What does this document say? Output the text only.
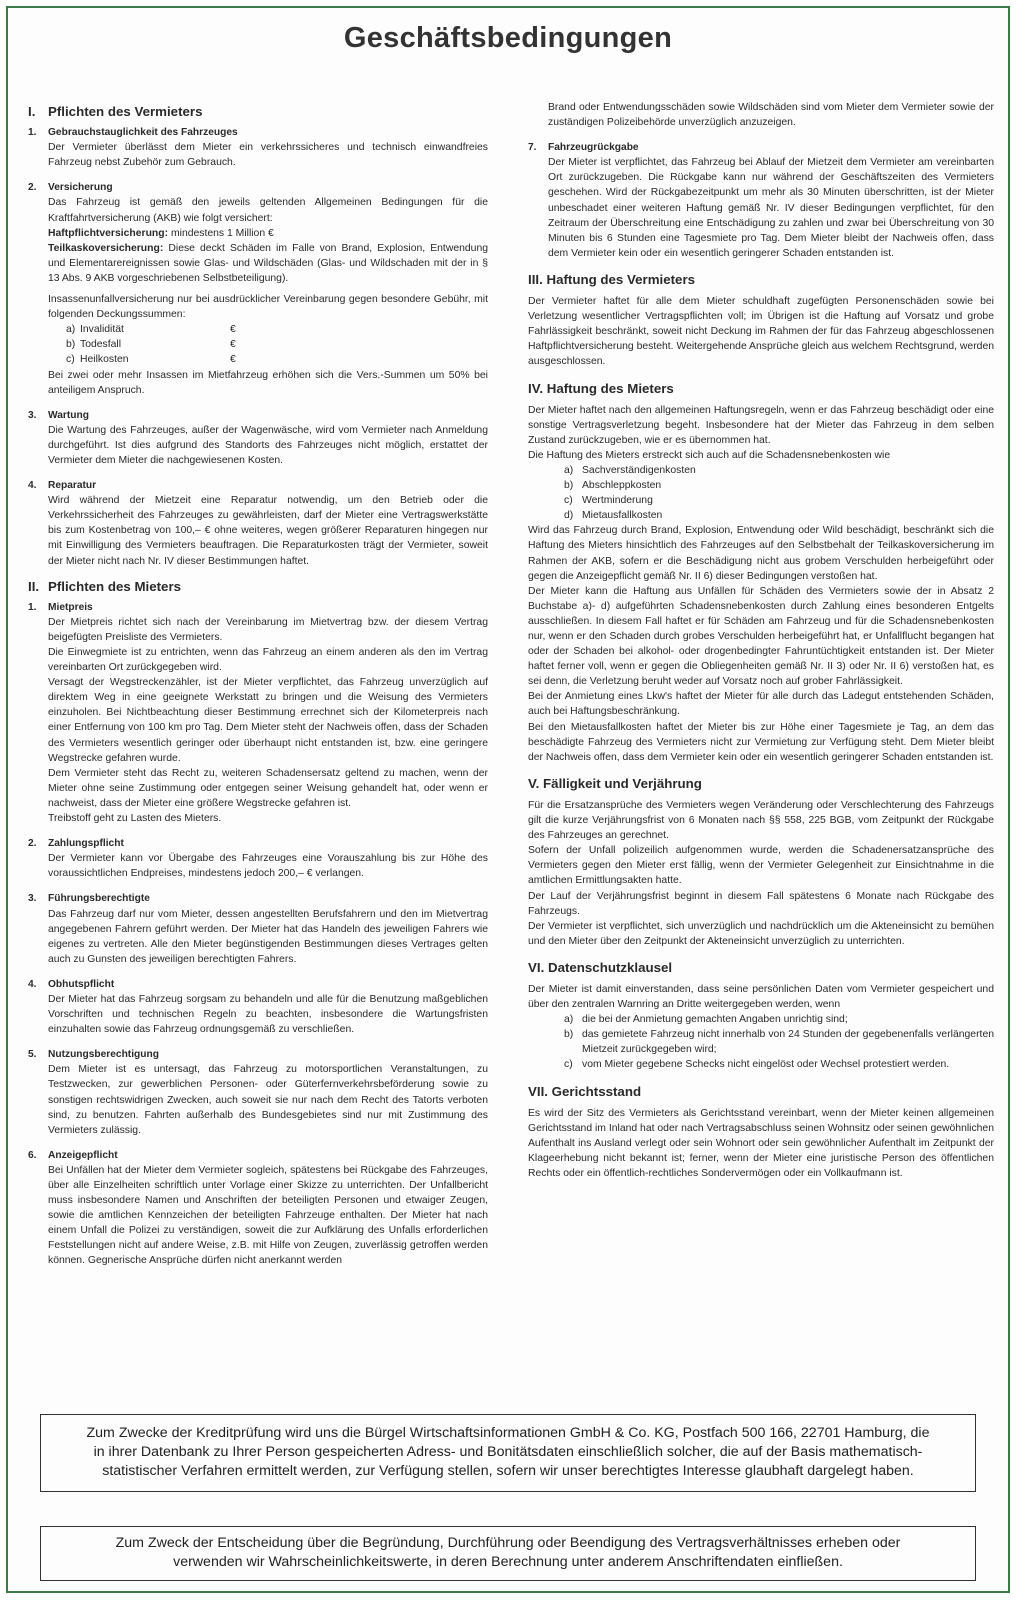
Geschäftsbedingungen
I. Pflichten des Vermieters
1. Gebrauchstauglichkeit des Fahrzeuges
Der Vermieter überlässt dem Mieter ein verkehrssicheres und technisch einwandfreies Fahrzeug nebst Zubehör zum Gebrauch.
2. Versicherung

Das Fahrzeug ist gemäß den jeweils geltenden Allgemeinen Bedingungen für die Kraftfahrtversicherung (AKB) wie folgt versichert:

Haftpflichtversicherung: mindestens 1 Million €

Teilkaskoversicherung: Diese deckt Schäden im Falle von Brand, Explosion, Entwendung und Elementarereignissen sowie Glas- und Wildschäden (Glas- und Wildschaden mit der in § 13 Abs. 9 AKB vorgeschriebenen Selbstbeteiligung).

Insassenunfallversicherung nur bei ausdrücklicher Vereinbarung gegen besondere Gebühr, mit folgenden Deckungssummen:

a) Invalidität	€
b) Todesfall	€
c) Heilkosten	€

Bei zwei oder mehr Insassen im Mietfahrzeug erhöhen sich die Vers.-Summen um 50% bei anteiligem Anspruch.

3. Wartung
Die Wartung des Fahrzeuges, außer der Wagenwäsche, wird vom Vermieter nach Anmeldung durchgeführt. Ist dies aufgrund des Standorts des Fahrzeuges nicht möglich, erstattet der Vermieter dem Mieter die nachgewiesenen Kosten.
4. Reparatur
Wird während der Mietzeit eine Reparatur notwendig, um den Betrieb oder die Verkehrssicherheit des Fahrzeuges zu gewährleisten, darf der Mieter eine Vertragswerkstätte bis zum Kostenbetrag von 100,– € ohne weiteres, wegen größerer Reparaturen hingegen nur mit Einwilligung des Vermieters beauftragen. Die Reparaturkosten trägt der Vermieter, soweit der Mieter nicht nach Nr. IV dieser Bestimmungen haftet.
II. Pflichten des Mieters
1. Mietpreis

Der Mietpreis richtet sich nach der Vereinbarung im Mietvertrag bzw. der diesem Vertrag beigefügten Preisliste des Vermieters.

Die Einwegmiete ist zu entrichten, wenn das Fahrzeug an einem anderen als den im Vertrag vereinbarten Ort zurückgegeben wird.

Versagt der Wegstreckenzähler, ist der Mieter verpflichtet, das Fahrzeug unverzüglich auf direktem Weg in eine geeignete Werkstatt zu bringen und die Weisung des Vermieters einzuholen. Bei Nichtbeachtung dieser Bestimmung errechnet sich der Kilometerpreis nach einer Entfernung von 100 km pro Tag. Dem Mieter steht der Nachweis offen, dass der Schaden des Vermieters wesentlich geringer oder überhaupt nicht entstanden ist, bzw. eine geringere Wegstrecke gefahren wurde.

Dem Vermieter steht das Recht zu, weiteren Schadensersatz geltend zu machen, wenn der Mieter ohne seine Zustimmung oder entgegen seiner Weisung gehandelt hat, oder wenn er nachweist, dass der Mieter eine größere Wegstrecke gefahren ist.

Treibstoff geht zu Lasten des Mieters.

2. Zahlungspflicht
Der Vermieter kann vor Übergabe des Fahrzeuges eine Vorauszahlung bis zur Höhe des voraussichtlichen Endpreises, mindestens jedoch 200,– € verlangen.
3. Führungsberechtigte
Das Fahrzeug darf nur vom Mieter, dessen angestellten Berufsfahrern und den im Mietvertrag angegebenen Fahrern geführt werden. Der Mieter hat das Handeln des jeweiligen Fahrers wie eigenes zu vertreten. Alle den Mieter begünstigenden Bestimmungen dieses Vertrages gelten auch zu Gunsten des jeweiligen berechtigten Fahrers.
4. Obhutspflicht
Der Mieter hat das Fahrzeug sorgsam zu behandeln und alle für die Benutzung maßgeblichen Vorschriften und technischen Regeln zu beachten, insbesondere die Wartungsfristen einzuhalten sowie das Fahrzeug ordnungsgemäß zu verschließen.
5. Nutzungsberechtigung
Dem Mieter ist es untersagt, das Fahrzeug zu motorsportlichen Veranstaltungen, zu Testzwecken, zur gewerblichen Personen- oder Güterfernverkehrsbeförderung sowie zu sonstigen rechtswidrigen Zwecken, auch soweit sie nur nach dem Recht des Tatorts verboten sind, zu benutzen. Fahrten außerhalb des Bundesgebietes sind nur mit Zustimmung des Vermieters zulässig.
6. Anzeigepflicht
Bei Unfällen hat der Mieter dem Vermieter sogleich, spätestens bei Rückgabe des Fahrzeuges, über alle Einzelheiten schriftlich unter Vorlage einer Skizze zu unterrichten. Der Unfallbericht muss insbesondere Namen und Anschriften der beteiligten Personen und etwaiger Zeugen, sowie die amtlichen Kennzeichen der beteiligten Fahrzeuge enthalten. Der Mieter hat nach einem Unfall die Polizei zu verständigen, soweit die zur Aufklärung des Unfalls erforderlichen Feststellungen nicht auf andere Weise, z.B. mit Hilfe von Zeugen, zuverlässig getroffen werden können. Gegnerische Ansprüche dürfen nicht anerkannt werden
Brand oder Entwendungsschäden sowie Wildschäden sind vom Mieter dem Vermieter sowie der zuständigen Polizeibehörde unverzüglich anzuzeigen.
7. Fahrzeugrückgabe
Der Mieter ist verpflichtet, das Fahrzeug bei Ablauf der Mietzeit dem Vermieter am vereinbarten Ort zurückzugeben. Die Rückgabe kann nur während der Geschäftszeiten des Vermieters geschehen. Wird der Rückgabezeitpunkt um mehr als 30 Minuten überschritten, ist der Mieter unbeschadet einer weiteren Haftung gemäß Nr. IV dieser Bedingungen verpflichtet, für den Zeitraum der Überschreitung eine Entschädigung zu zahlen und zwar bei Überschreitung von 30 Minuten bis 6 Stunden eine Tagesmiete pro Tag. Dem Mieter bleibt der Nachweis offen, dass dem Vermieter kein oder ein wesentlich geringerer Schaden entstanden ist.
III. Haftung des Vermieters
Der Vermieter haftet für alle dem Mieter schuldhaft zugefügten Personenschäden sowie bei Verletzung wesentlicher Vertragspflichten voll; im Übrigen ist die Haftung auf Vorsatz und grobe Fahrlässigkeit beschränkt, soweit nicht Deckung im Rahmen der für das Fahrzeug abgeschlossenen Haftpflichtversicherung besteht. Weitergehende Ansprüche gleich aus welchem Rechtsgrund, werden ausgeschlossen.
IV. Haftung des Mieters

Der Mieter haftet nach den allgemeinen Haftungsregeln, wenn er das Fahrzeug beschädigt oder eine sonstige Vertragsverletzung begeht. Insbesondere hat der Mieter das Fahrzeug in dem selben Zustand zurückzugeben, wie er es übernommen hat.

Die Haftung des Mieters erstreckt sich auch auf die Schadensnebenkosten wie

a) Sachverständigenkosten
b) Abschleppkosten
c) Wertminderung
d) Mietausfallkosten

Wird das Fahrzeug durch Brand, Explosion, Entwendung oder Wild beschädigt, beschränkt sich die Haftung des Mieters hinsichtlich des Fahrzeuges auf den Selbstbehalt der Teilkaskoversicherung im Rahmen der AKB, sofern er die Beschädigung nicht aus grobem Verschulden herbeigeführt oder gegen die Anzeigepflicht gemäß Nr. II 6) dieser Bedingungen verstoßen hat.

Der Mieter kann die Haftung aus Unfällen für Schäden des Vermieters sowie der in Absatz 2 Buchstabe a)- d) aufgeführten Schadensnebenkosten durch Zahlung eines besonderen Entgelts ausschließen. In diesem Fall haftet er für Schäden am Fahrzeug und für die Schadensnebenkosten nur, wenn er den Schaden durch grobes Verschulden herbeigeführt hat, er Unfallflucht begangen hat oder der Schaden bei alkohol- oder drogenbedingter Fahruntüchtigkeit entstanden ist. Der Mieter haftet ferner voll, wenn er gegen die Obliegenheiten gemäß Nr. II 3) oder Nr. II 6) verstoßen hat, es sei denn, die Verletzung beruht weder auf Vorsatz noch auf grober Fahrlässigkeit.

Bei der Anmietung eines Lkw's haftet der Mieter für alle durch das Ladegut entstehenden Schäden, auch bei Haftungsbeschränkung.

Bei den Mietausfallkosten haftet der Mieter bis zur Höhe einer Tagesmiete je Tag, an dem das beschädigte Fahrzeug des Vermieters nicht zur Vermietung zur Verfügung steht. Dem Mieter bleibt der Nachweis offen, dass dem Vermieter kein oder ein wesentlich geringerer Schaden entstanden ist.

V. Fälligkeit und Verjährung

Für die Ersatzansprüche des Vermieters wegen Veränderung oder Verschlechterung des Fahrzeugs gilt die kurze Verjährungsfrist von 6 Monaten nach §§ 558, 225 BGB, vom Zeitpunkt der Rückgabe des Fahrzeuges an gerechnet.

Sofern der Unfall polizeilich aufgenommen wurde, werden die Schadenersatzansprüche des Vermieters gegen den Mieter erst fällig, wenn der Vermieter Gelegenheit zur Einsichtnahme in die amtlichen Ermittlungsakten hatte.

Der Lauf der Verjährungsfrist beginnt in diesem Fall spätestens 6 Monate nach Rückgabe des Fahrzeugs.

Der Vermieter ist verpflichtet, sich unverzüglich und nachdrücklich um die Akteneinsicht zu bemühen und den Mieter über den Zeitpunkt der Akteneinsicht unverzüglich zu unterrichten.

VI. Datenschutzklausel

Der Mieter ist damit einverstanden, dass seine persönlichen Daten vom Vermieter gespeichert und über den zentralen Warnring an Dritte weitergegeben werden, wenn

a) die bei der Anmietung gemachten Angaben unrichtig sind;
b) das gemietete Fahrzeug nicht innerhalb von 24 Stunden der gegebenenfalls verlängerten Mietzeit zurückgegeben wird;
c) vom Mieter gegebene Schecks nicht eingelöst oder Wechsel protestiert werden.
VII. Gerichtsstand
Es wird der Sitz des Vermieters als Gerichtsstand vereinbart, wenn der Mieter keinen allgemeinen Gerichtsstand im Inland hat oder nach Vertragsabschluss seinen Wohnsitz oder seinen gewöhnlichen Aufenthalt ins Ausland verlegt oder sein Wohnort oder sein gewöhnlicher Aufenthalt im Zeitpunkt der Klageerhebung nicht bekannt ist; ferner, wenn der Mieter eine juristische Person des öffentlichen Rechts oder ein öffentlich-rechtliches Sondervermögen oder ein Vollkaufmann ist.
Zum Zwecke der Kreditprüfung wird uns die Bürgel Wirtschaftsinformationen GmbH & Co. KG, Postfach 500 166, 22701 Hamburg, die
in ihrer Datenbank zu Ihrer Person gespeicherten Adress- und Bonitätsdaten einschließlich solcher, die auf der Basis mathematisch-
statistischer Verfahren ermittelt werden, zur Verfügung stellen, sofern wir unser berechtigtes Interesse glaubhaft dargelegt haben.
Zum Zweck der Entscheidung über die Begründung, Durchführung oder Beendigung des Vertragsverhältnisses erheben oder
verwenden wir Wahrscheinlichkeitswerte, in deren Berechnung unter anderem Anschriftendaten einfließen.
